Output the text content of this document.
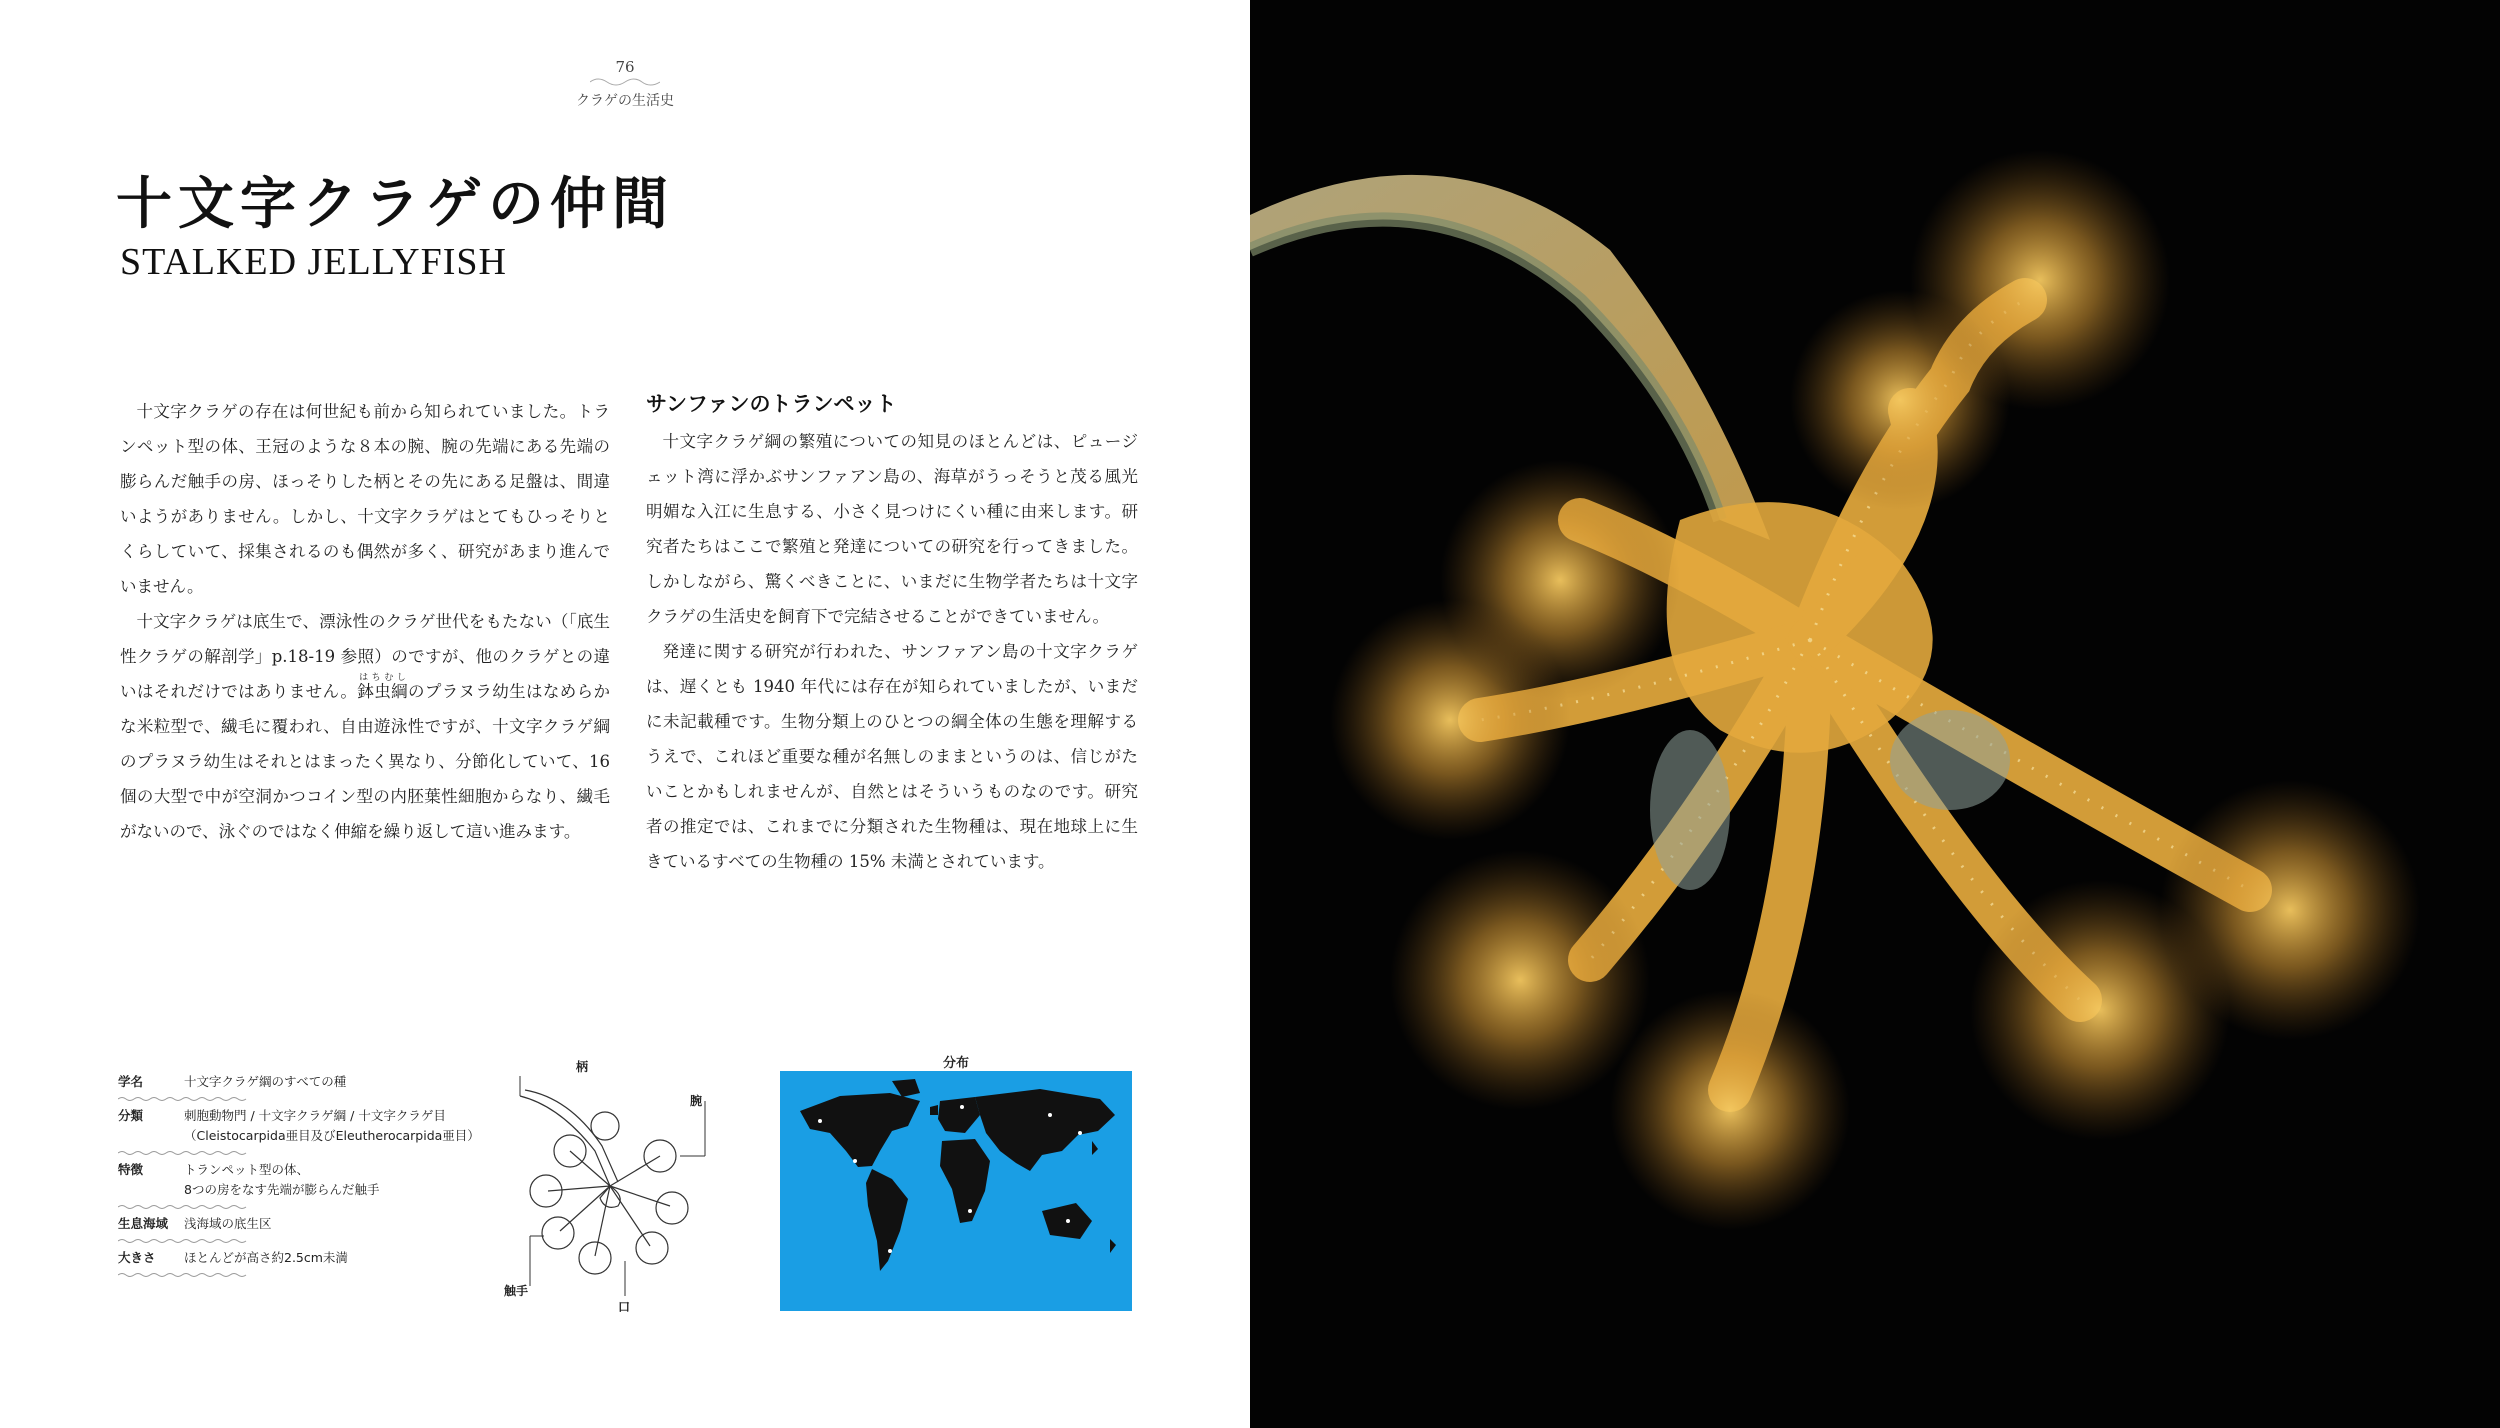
76
クラゲの生活史
十文字クラゲの仲間
STALKED JELLYFISH

十文字クラゲの存在は何世紀も前から知られていました。トランペット型の体、王冠のような８本の腕、腕の先端にある先端の膨らんだ触手の房、ほっそりした柄とその先にある足盤は、間違いようがありません。しかし、十文字クラゲはとてもひっそりとくらしていて、採集されるのも偶然が多く、研究があまり進んでいません。

十文字クラゲは底生で、漂泳性のクラゲ世代をもたない（「底生性クラゲの解剖学」p.18-19 参照）のですが、他のクラゲとの違いはそれだけではありません。鉢虫綱はちむしのプラヌラ幼生はなめらかな米粒型で、繊毛に覆われ、自由遊泳性ですが、十文字クラゲ綱のプラヌラ幼生はそれとはまったく異なり、分節化していて、16 個の大型で中が空洞かつコイン型の内胚葉性細胞からなり、繊毛がないので、泳ぐのではなく伸縮を繰り返して這い進みます。

サンファンのトランペット

十文字クラゲ綱の繁殖についての知見のほとんどは、ピュージェット湾に浮かぶサンファアン島の、海草がうっそうと茂る風光明媚な入江に生息する、小さく見つけにくい種に由来します。研究者たちはここで繁殖と発達についての研究を行ってきました。しかしながら、驚くべきことに、いまだに生物学者たちは十文字クラゲの生活史を飼育下で完結させることができていません。

発達に関する研究が行われた、サンファアン島の十文字クラゲは、遅くとも 1940 年代には存在が知られていましたが、いまだに未記載種です。生物分類上のひとつの綱全体の生態を理解するうえで、これほど重要な種が名無しのままというのは、信じがたいことかもしれませんが、自然とはそういうものなのです。研究者の推定では、これまでに分類された生物種は、現在地球上に生きているすべての生物種の 15% 未満とされています。

学名	十文字クラゲ綱のすべての種
分類	刺胞動物門 / 十文字クラゲ綱 / 十文字クラゲ目
（Cleistocarpida亜目及びEleutherocarpida亜目）
特徴	トランペット型の体、
8つの房をなす先端が膨らんだ触手
生息海域	浅海域の底生区
大きさ	ほとんどが高さ約2.5cm未満
柄
腕
触手
口
分布
